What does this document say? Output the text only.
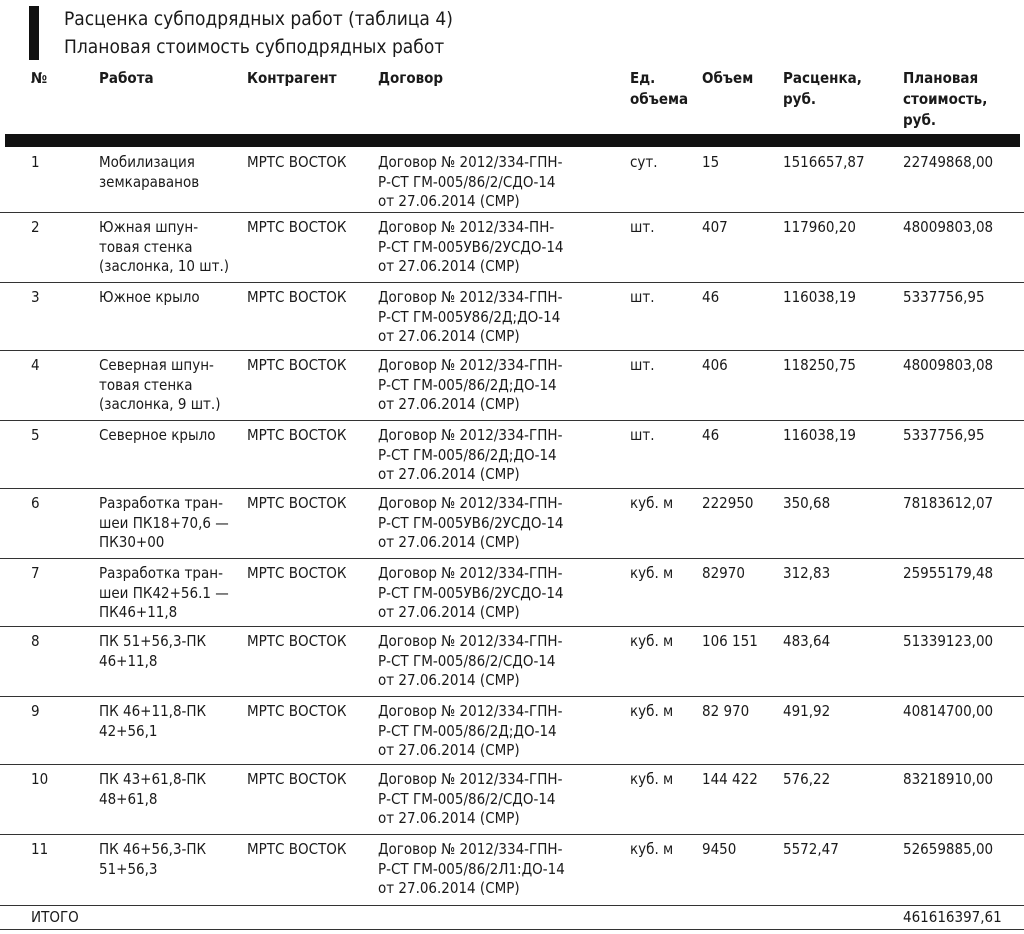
Расценка субподрядных работ (таблица 4)
Плановая стоимость субподрядных работ
№	Работа	Контрагент	Договор	Ед.
объема
Объем	Расценка,
руб.
Плановая
стоимость,
руб.
1	Мобилизация
земкараванов
МРТС ВОСТОК	Договор № 2012/334-ГПН-
Р-СТ ГМ-005/86/2/СДО-14
от 27.06.2014 (СМР)
сут.	15	1516657,87	22749868,00
2	Южная шпун-
товая стенка
(заслонка, 10 шт.)
МРТС ВОСТОК	Договор № 2012/334-ПН-
Р-СТ ГМ-005УВ6/2УСДО-14
от 27.06.2014 (СМР)
шт.	407	117960,20	48009803,08
3	Южное крыло	МРТС ВОСТОК	Договор № 2012/334-ГПН-
Р-СТ ГМ-005У86/2Д;ДО-14
от 27.06.2014 (СМР)
шт.	46	116038,19	5337756,95
4	Северная шпун-
товая стенка
(заслонка, 9 шт.)
МРТС ВОСТОК	Договор № 2012/334-ГПН-
Р-СТ ГМ-005/86/2Д;ДО-14
от 27.06.2014 (СМР)
шт.	406	118250,75	48009803,08
5	Северное крыло	МРТС ВОСТОК	Договор № 2012/334-ГПН-
Р-СТ ГМ-005/86/2Д;ДО-14
от 27.06.2014 (СМР)
шт.	46	116038,19	5337756,95
6	Разработка тран-
шеи ПК18+70,6 —
ПК30+00
МРТС ВОСТОК	Договор № 2012/334-ГПН-
Р-СТ ГМ-005УВ6/2УСДО-14
от 27.06.2014 (СМР)
куб. м	222950	350,68	78183612,07
7	Разработка тран-
шеи ПК42+56.1 —
ПК46+11,8
МРТС ВОСТОК	Договор № 2012/334-ГПН-
Р-СТ ГМ-005УВ6/2УСДО-14
от 27.06.2014 (СМР)
куб. м	82970	312,83	25955179,48
8	ПК 51+56,3-ПК
46+11,8
МРТС ВОСТОК	Договор № 2012/334-ГПН-
Р-СТ ГМ-005/86/2/СДО-14
от 27.06.2014 (СМР)
куб. м	106 151	483,64	51339123,00
9	ПК 46+11,8-ПК
42+56,1
МРТС ВОСТОК	Договор № 2012/334-ГПН-
Р-СТ ГМ-005/86/2Д;ДО-14
от 27.06.2014 (СМР)
куб. м	82 970	491,92	40814700,00
10	ПК 43+61,8-ПК
48+61,8
МРТС ВОСТОК	Договор № 2012/334-ГПН-
Р-СТ ГМ-005/86/2/СДО-14
от 27.06.2014 (СМР)
куб. м	144 422	576,22	83218910,00
11	ПК 46+56,3-ПК
51+56,3
МРТС ВОСТОК	Договор № 2012/334-ГПН-
Р-СТ ГМ-005/86/2Л1:ДО-14
от 27.06.2014 (СМР)
куб. м	9450	5572,47	52659885,00
ИТОГО	461616397,61
